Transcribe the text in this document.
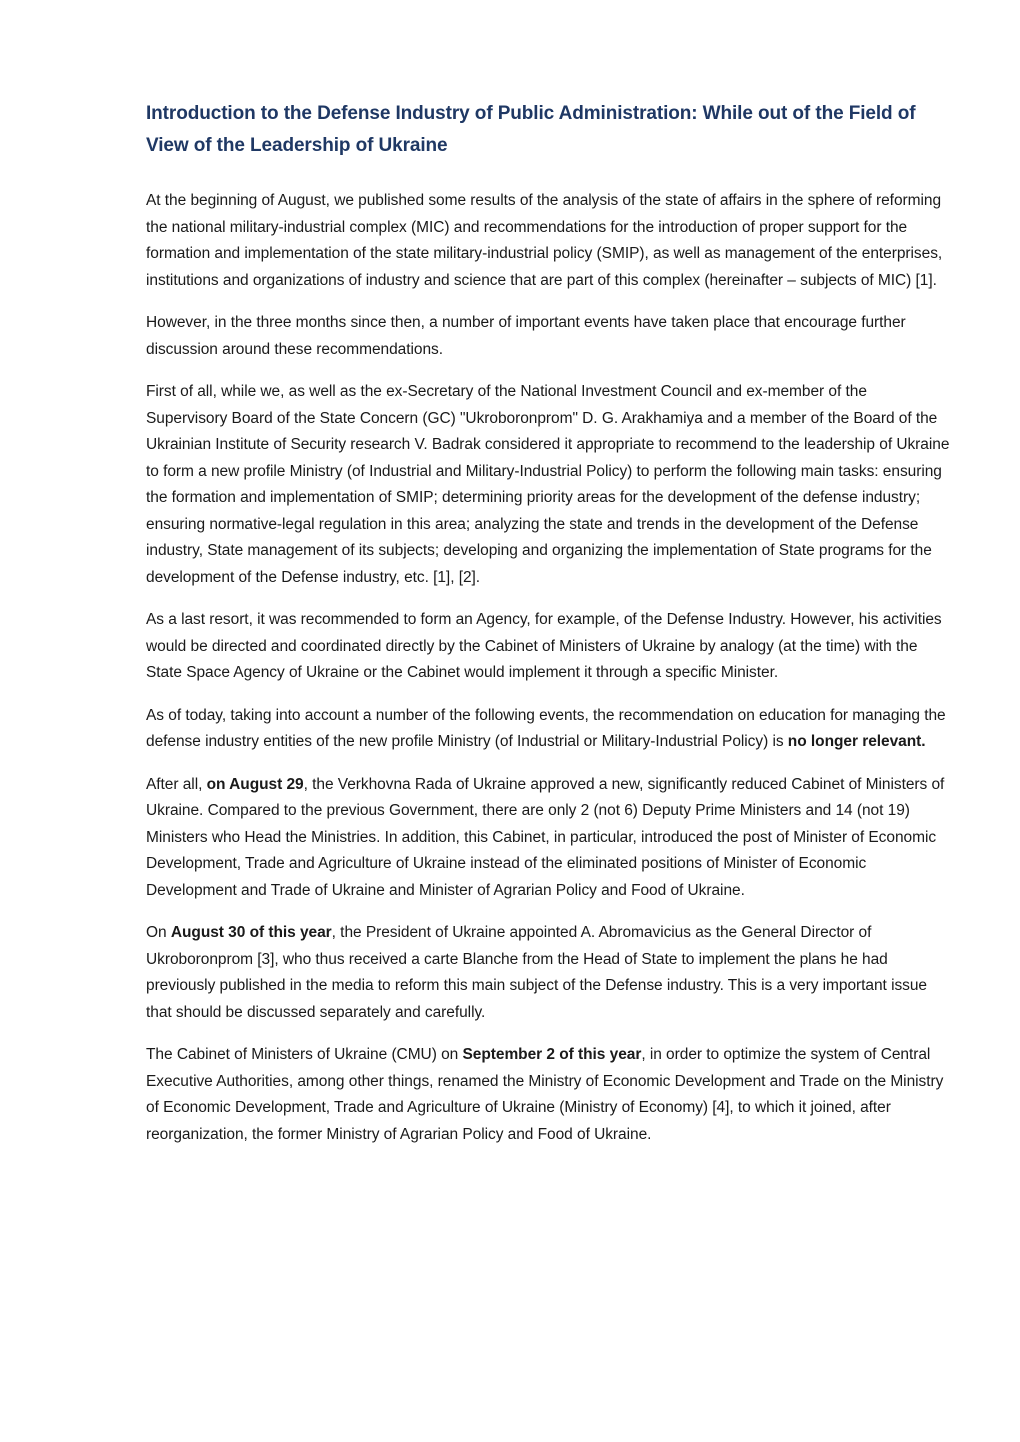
Introduction to the Defense Industry of Public Administration: While out of the Field of View of the Leadership of Ukraine

At the beginning of August, we published some results of the analysis of the state of affairs in the sphere of reforming the national military-industrial complex (MIC) and recommendations for the introduction of proper support for the formation and implementation of the state military-industrial policy (SMIP), as well as management of the enterprises, institutions and organizations of industry and science that are part of this complex (hereinafter – subjects of MIC) [1].

However, in the three months since then, a number of important events have taken place that encourage further discussion around these recommendations.

First of all, while we, as well as the ex-Secretary of the National Investment Council and ex-member of the Supervisory Board of the State Concern (GC) "Ukroboronprom" D. G. Arakhamiya and a member of the Board of the Ukrainian Institute of Security research V. Badrak considered it appropriate to recommend to the leadership of Ukraine to form a new profile Ministry (of Industrial and Military-Industrial Policy) to perform the following main tasks: ensuring the formation and implementation of SMIP; determining priority areas for the development of the defense industry; ensuring normative-legal regulation in this area; analyzing the state and trends in the development of the Defense industry, State management of its subjects; developing and organizing the implementation of State programs for the development of the Defense industry, etc. [1], [2].

As a last resort, it was recommended to form an Agency, for example, of the Defense Industry. However, his activities would be directed and coordinated directly by the Cabinet of Ministers of Ukraine by analogy (at the time) with the State Space Agency of Ukraine or the Cabinet would implement it through a specific Minister.

As of today, taking into account a number of the following events, the recommendation on education for managing the defense industry entities of the new profile Ministry (of Industrial or Military-Industrial Policy) is no longer relevant.

After all, on August 29, the Verkhovna Rada of Ukraine approved a new, significantly reduced Cabinet of Ministers of Ukraine. Compared to the previous Government, there are only 2 (not 6) Deputy Prime Ministers and 14 (not 19) Ministers who Head the Ministries. In addition, this Cabinet, in particular, introduced the post of Minister of Economic Development, Trade and Agriculture of Ukraine instead of the eliminated positions of Minister of Economic Development and Trade of Ukraine and Minister of Agrarian Policy and Food of Ukraine.

On August 30 of this year, the President of Ukraine appointed A. Abromavicius as the General Director of Ukroboronprom [3], who thus received a carte Blanche from the Head of State to implement the plans he had previously published in the media to reform this main subject of the Defense industry. This is a very important issue that should be discussed separately and carefully.

The Cabinet of Ministers of Ukraine (CMU) on September 2 of this year, in order to optimize the system of Central Executive Authorities, among other things, renamed the Ministry of Economic Development and Trade on the Ministry of Economic Development, Trade and Agriculture of Ukraine (Ministry of Economy) [4], to which it joined, after reorganization, the former Ministry of Agrarian Policy and Food of Ukraine.
